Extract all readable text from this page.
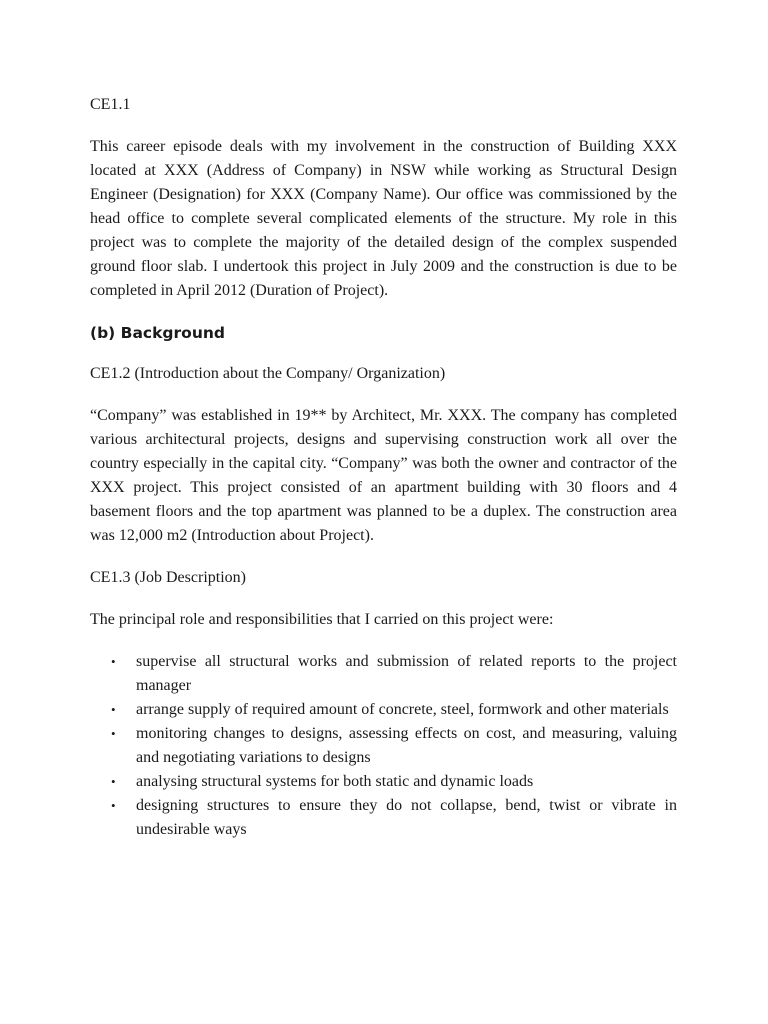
CE1.1

This career episode deals with my involvement in the construction of Building XXX located at XXX (Address of Company) in NSW while working as Structural Design Engineer (Designation) for XXX (Company Name). Our office was commissioned by the head office to complete several complicated elements of the structure. My role in this project was to complete the majority of the detailed design of the complex suspended ground floor slab. I undertook this project in July 2009 and the construction is due to be completed in April 2012 (Duration of Project).

(b) Background

CE1.2 (Introduction about the Company/ Organization)

“Company” was established in 19** by Architect, Mr. XXX. The company has completed various architectural projects, designs and supervising construction work all over the country especially in the capital city. “Company” was both the owner and contractor of the XXX project. This project consisted of an apartment building with 30 floors and 4 basement floors and the top apartment was planned to be a duplex. The construction area was 12,000 m2 (Introduction about Project).

CE1.3 (Job Description)

The principal role and responsibilities that I carried on this project were:

• supervise all structural works and submission of related reports to the project manager
• arrange supply of required amount of concrete, steel, formwork and other materials
• monitoring changes to designs, assessing effects on cost, and measuring, valuing and negotiating variations to designs
• analysing structural systems for both static and dynamic loads
• designing structures to ensure they do not collapse, bend, twist or vibrate in undesirable ways
